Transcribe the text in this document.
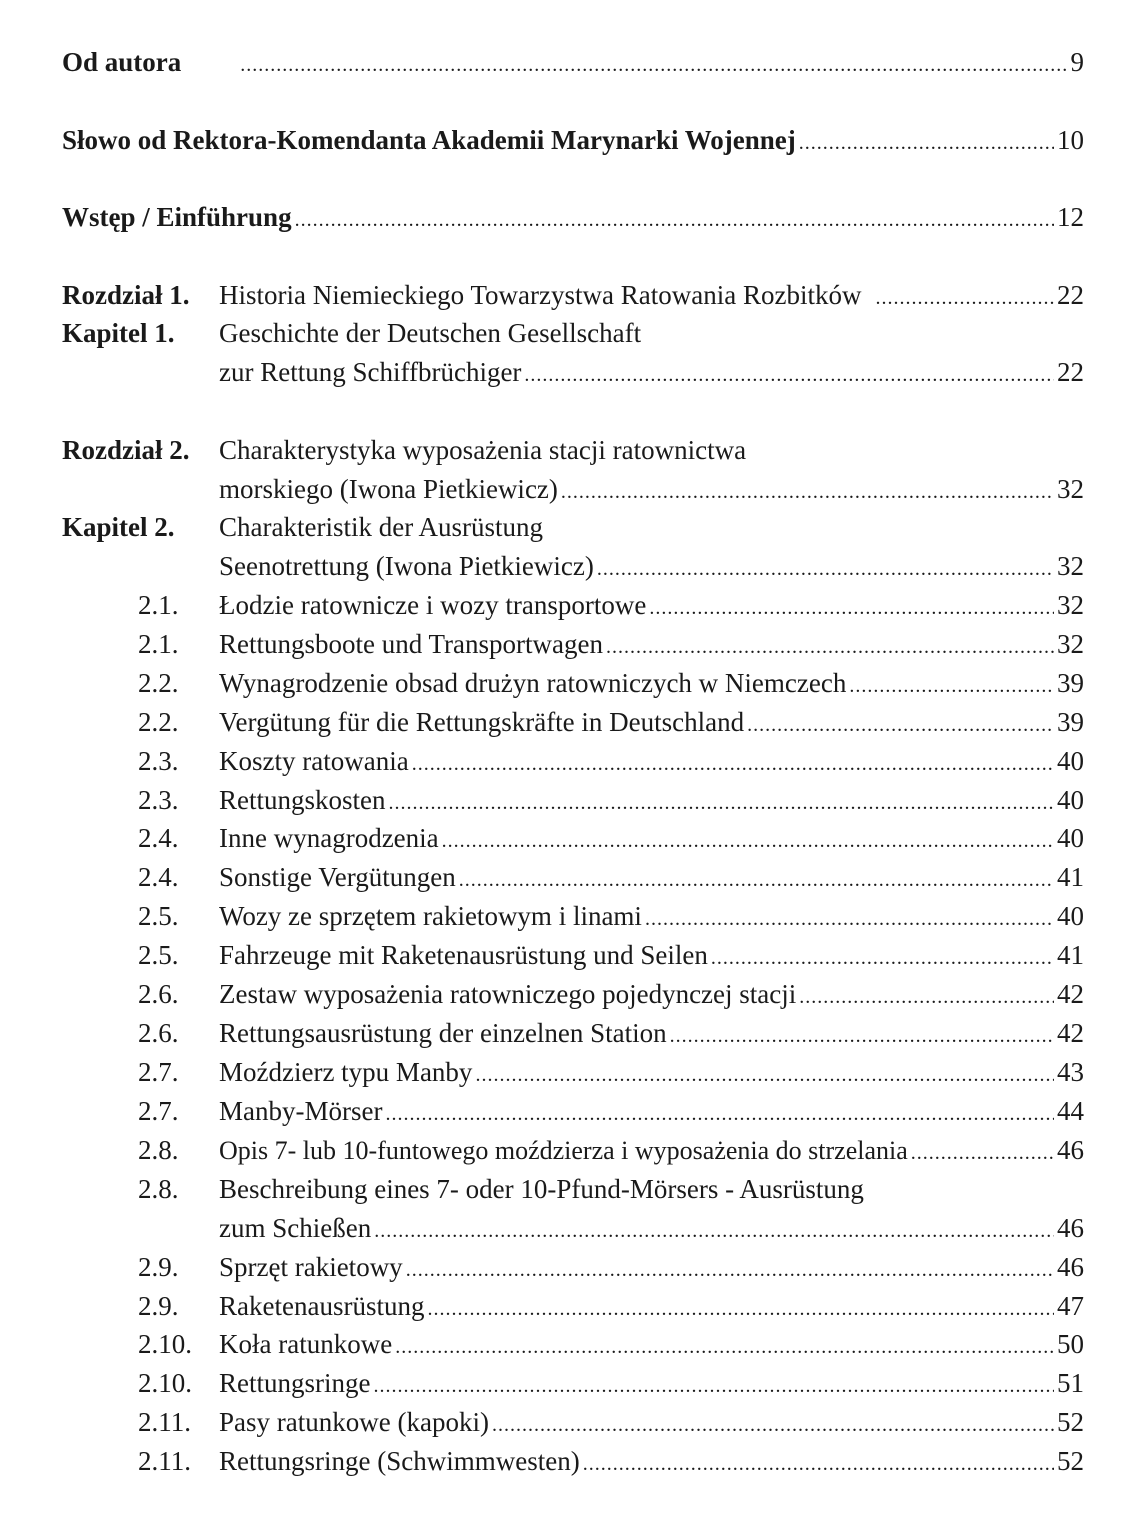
Od autora .....	9
Słowo od Rektora-Komendanta Akademii Marynarki Wojennej .....	10
Wstęp / Einführung .....	12
Rozdział 1. Historia Niemieckiego Towarzystwa Ratowania Rozbitków .....	22
Kapitel 1. Geschichte der Deutschen Gesellschaft
zur Rettung Schiffbrüchiger .....	22
Rozdział 2. Charakterystyka wyposażenia stacji ratownictwa
morskiego (Iwona Pietkiewicz) .....	32
Kapitel 2. Charakteristik der Ausrüstung
Seenotrettung (Iwona Pietkiewicz) .....	32
2.1. Łodzie ratownicze i wozy transportowe .....	32
2.1. Rettungsboote und Transportwagen .....	32
2.2. Wynagrodzenie obsad drużyn ratowniczych w Niemczech .....	39
2.2. Vergütung für die Rettungskräfte in Deutschland .....	39
2.3. Koszty ratowania .....	40
2.3. Rettungskosten .....	40
2.4. Inne wynagrodzenia .....	40
2.4. Sonstige Vergütungen .....	41
2.5. Wozy ze sprzętem rakietowym i linami .....	40
2.5. Fahrzeuge mit Raketenausrüstung und Seilen .....	41
2.6. Zestaw wyposażenia ratowniczego pojedynczej stacji .....	42
2.6. Rettungsausrüstung der einzelnen Station .....	42
2.7. Moździerz typu Manby .....	43
2.7. Manby-Mörser .....	44
2.8. Opis 7- lub 10-funtowego moździerza i wyposażenia do strzelania .....	46
2.8. Beschreibung eines 7- oder 10-Pfund-Mörsers - Ausrüstung
zum Schießen .....	46
2.9. Sprzęt rakietowy .....	46
2.9. Raketenausrüstung .....	47
2.10. Koła ratunkowe .....	50
2.10. Rettungsringe .....	51
2.11. Pasy ratunkowe (kapoki) .....	52
2.11. Rettungsringe (Schwimmwesten) .....	52
